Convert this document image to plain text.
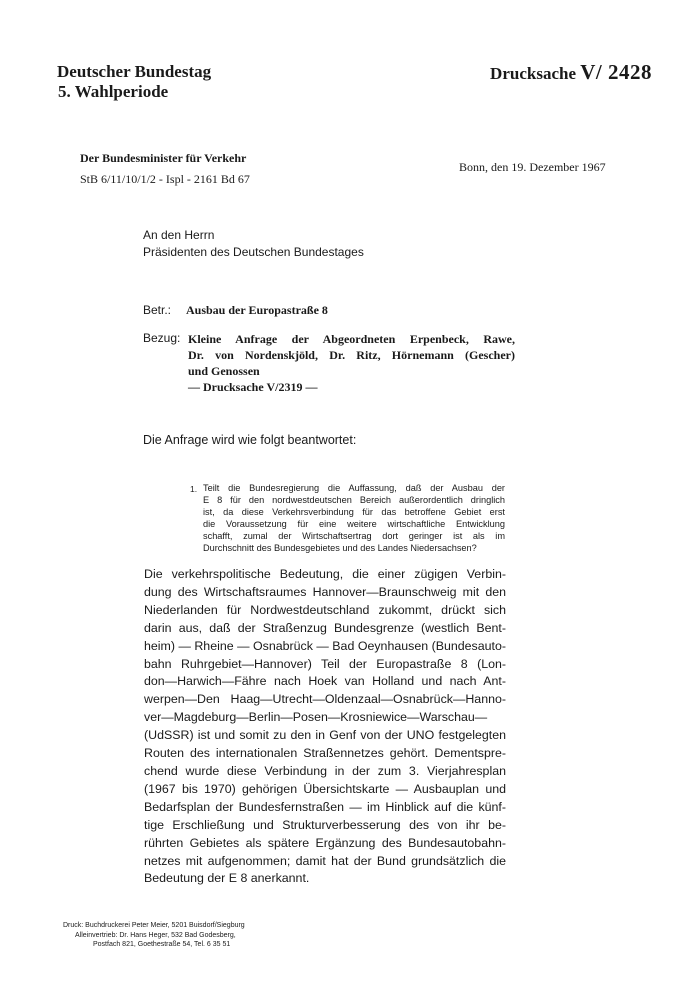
Deutscher Bundestag
5. Wahlperiode
Drucksache V/ 2428
Der Bundesminister für Verkehr
StB 6/11/10/1/2 - Ispl - 2161 Bd 67
Bonn, den 19. Dezember 1967
An den Herrn
Präsidenten des Deutschen Bundestages
Betr.: Ausbau der Europastraße 8
Bezug: Kleine Anfrage der Abgeordneten Erpenbeck, Rawe,
Dr. von Nordenskjöld, Dr. Ritz, Hörnemann (Gescher)
und Genossen
— Drucksache V/2319 —
Die Anfrage wird wie folgt beantwortet:
1. Teilt die Bundesregierung die Auffassung, daß der Ausbau der
E 8 für den nordwestdeutschen Bereich außerordentlich dringlich
ist, da diese Verkehrsverbindung für das betroffene Gebiet erst
die Voraussetzung für eine weitere wirtschaftliche Entwicklung
schafft, zumal der Wirtschaftsertrag dort geringer ist als im
Durchschnitt des Bundesgebietes und des Landes Niedersachsen?
Die verkehrspolitische Bedeutung, die einer zügigen Verbin-
dung des Wirtschaftsraumes Hannover—Braunschweig mit den
Niederlanden für Nordwestdeutschland zukommt, drückt sich
darin aus, daß der Straßenzug Bundesgrenze (westlich Bent-
heim) — Rheine — Osnabrück — Bad Oeynhausen (Bundesauto-
bahn Ruhrgebiet—Hannover) Teil der Europastraße 8 (Lon-
don—Harwich—Fähre nach Hoek van Holland und nach Ant-
werpen—Den Haag—Utrecht—Oldenzaal—Osnabrück—Hanno-
ver—Magdeburg—Berlin—Posen—Krosniewice—Warschau—
(UdSSR) ist und somit zu den in Genf von der UNO festgelegten
Routen des internationalen Straßennetzes gehört. Dementspre-
chend wurde diese Verbindung in der zum 3. Vierjahresplan
(1967 bis 1970) gehörigen Übersichtskarte — Ausbauplan und
Bedarfsplan der Bundesfernstraßen — im Hinblick auf die künf-
tige Erschließung und Strukturverbesserung des von ihr be-
rührten Gebietes als spätere Ergänzung des Bundesautobahn-
netzes mit aufgenommen; damit hat der Bund grundsätzlich die
Bedeutung der E 8 anerkannt.
Druck: Buchdruckerei Peter Meier, 5201 Buisdorf/Siegburg
Alleinvertrieb: Dr. Hans Heger, 532 Bad Godesberg,
Postfach 821, Goethestraße 54, Tel. 6 35 51
